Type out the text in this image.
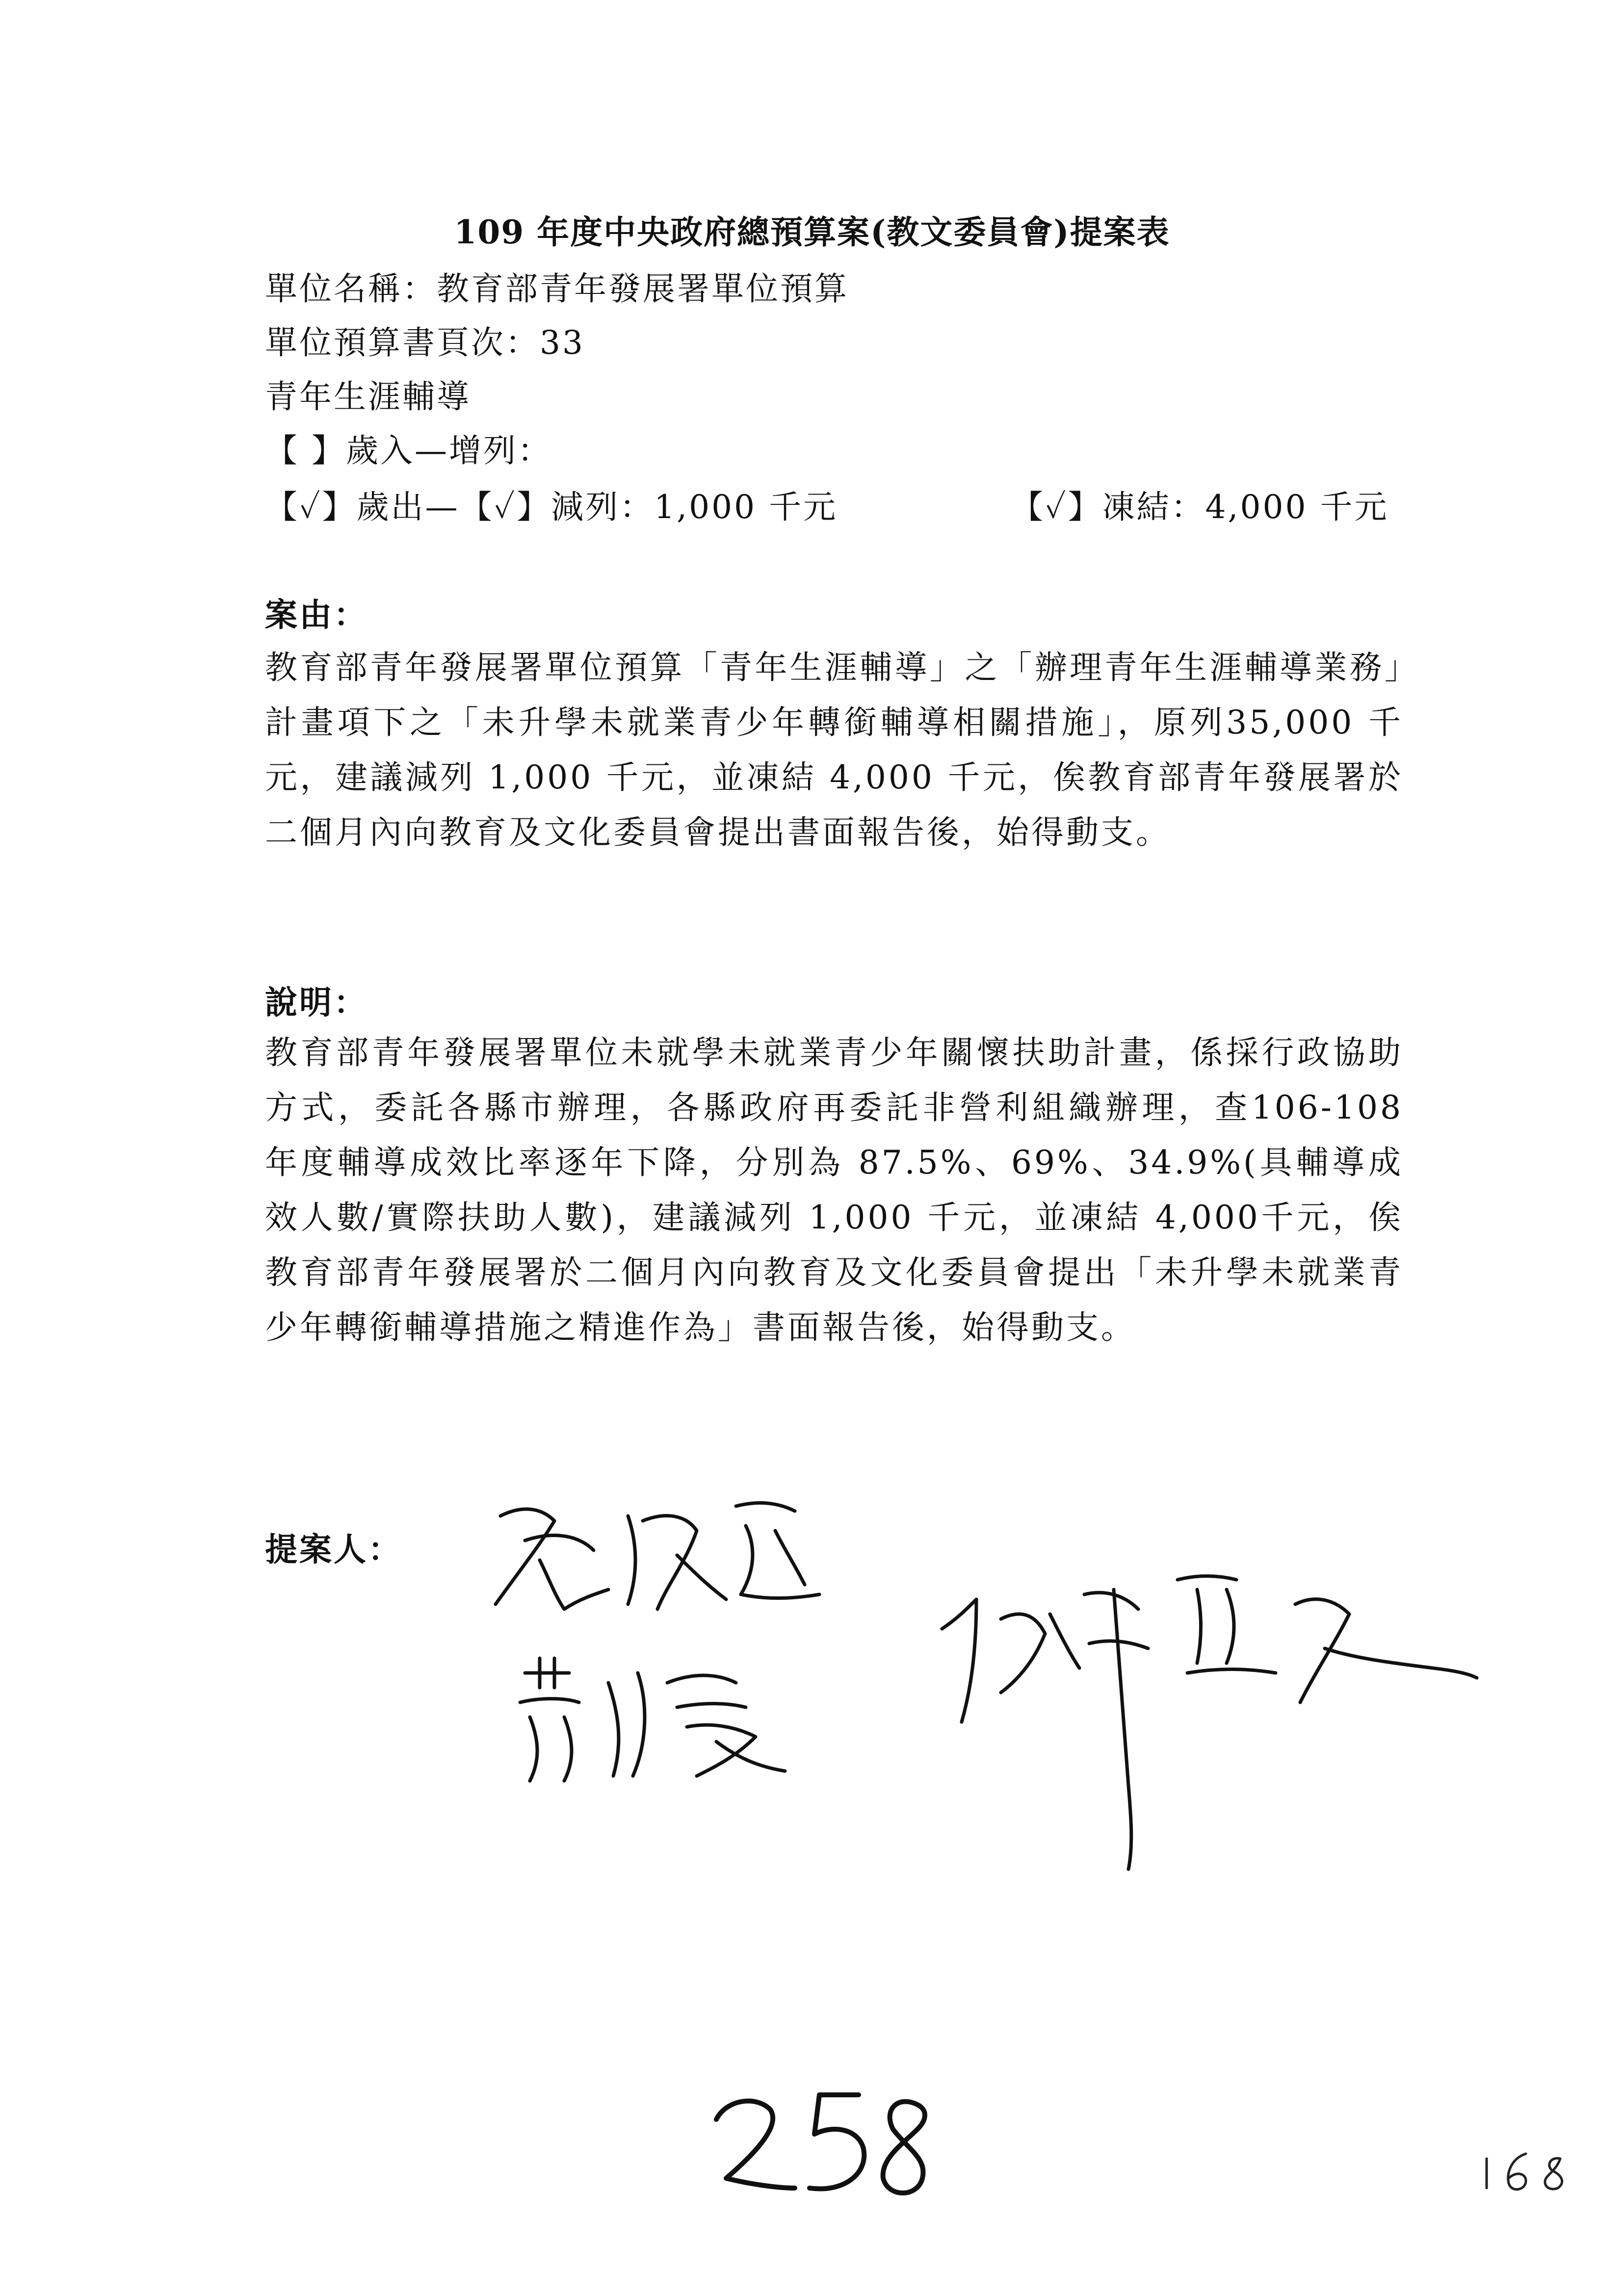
109 年度中央政府總預算案(教文委員會)提案表
單位名稱：教育部青年發展署單位預算
單位預算書頁次：33
青年生涯輔導
【 】歲入—增列：
【✓】歲出—【✓】減列：1,000 千元	【✓】凍結：4,000 千元
案由：
教育部青年發展署單位預算「青年生涯輔導」之「辦理青年生涯輔導業務」計畫項下之「未升學未就業青少年轉銜輔導相關措施」，原列35,000 千元，建議減列 1,000 千元，並凍結 4,000 千元，俟教育部青年發展署於二個月內向教育及文化委員會提出書面報告後，始得動支。
說明：
教育部青年發展署單位未就學未就業青少年關懷扶助計畫，係採行政協助方式，委託各縣市辦理，各縣政府再委託非營利組織辦理，查106-108 年度輔導成效比率逐年下降，分別為 87.5%、69%、34.9%(具輔導成效人數/實際扶助人數)，建議減列 1,000 千元，並凍結 4,000千元，俟教育部青年發展署於二個月內向教育及文化委員會提出「未升學未就業青少年轉銜輔導措施之精進作為」書面報告後，始得動支。
提案人：
